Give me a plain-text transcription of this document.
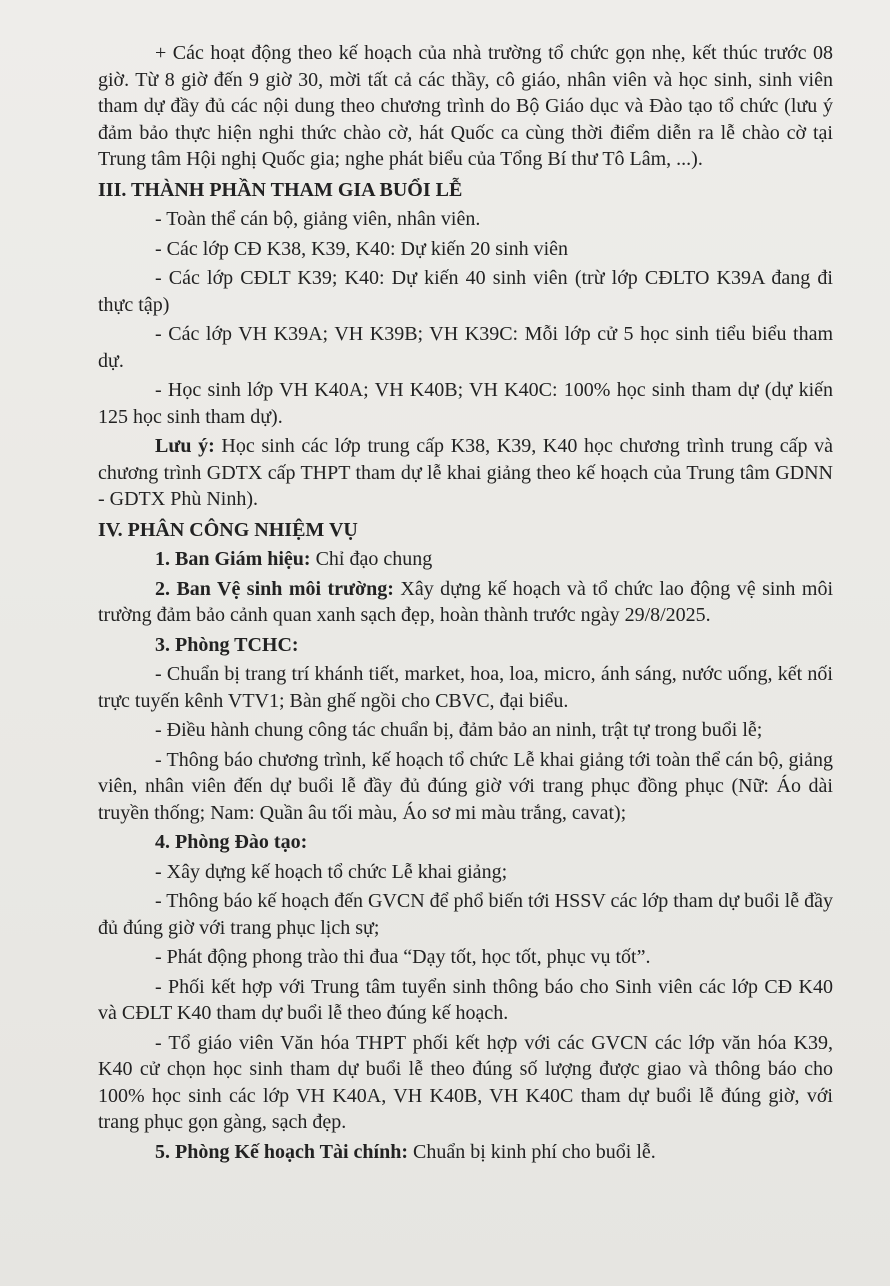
+ Các hoạt động theo kế hoạch của nhà trường tổ chức gọn nhẹ, kết thúc trước 08 giờ. Từ 8 giờ đến 9 giờ 30, mời tất cả các thầy, cô giáo, nhân viên và học sinh, sinh viên tham dự đầy đủ các nội dung theo chương trình do Bộ Giáo dục và Đào tạo tổ chức (lưu ý đảm bảo thực hiện nghi thức chào cờ, hát Quốc ca cùng thời điểm diễn ra lễ chào cờ tại Trung tâm Hội nghị Quốc gia; nghe phát biểu của Tổng Bí thư Tô Lâm, ...).

III. THÀNH PHẦN THAM GIA BUỔI LỄ

- Toàn thể cán bộ, giảng viên, nhân viên.

- Các lớp CĐ K38, K39, K40: Dự kiến 20 sinh viên

- Các lớp CĐLT K39; K40: Dự kiến 40 sinh viên (trừ lớp CĐLTO K39A đang đi thực tập)

- Các lớp VH K39A; VH K39B; VH K39C: Mỗi lớp cử 5 học sinh tiểu biểu tham dự.

- Học sinh lớp VH K40A; VH K40B; VH K40C: 100% học sinh tham dự (dự kiến 125 học sinh tham dự).

Lưu ý: Học sinh các lớp trung cấp K38, K39, K40 học chương trình trung cấp và chương trình GDTX cấp THPT tham dự lễ khai giảng theo kế hoạch của Trung tâm GDNN - GDTX Phù Ninh).

IV. PHÂN CÔNG NHIỆM VỤ

1. Ban Giám hiệu: Chỉ đạo chung

2. Ban Vệ sinh môi trường: Xây dựng kế hoạch và tổ chức lao động vệ sinh môi trường đảm bảo cảnh quan xanh sạch đẹp, hoàn thành trước ngày 29/8/2025.

3. Phòng TCHC:

- Chuẩn bị trang trí khánh tiết, market, hoa, loa, micro, ánh sáng, nước uống, kết nối trực tuyến kênh VTV1; Bàn ghế ngồi cho CBVC, đại biểu.

- Điều hành chung công tác chuẩn bị, đảm bảo an ninh, trật tự trong buổi lễ;

- Thông báo chương trình, kế hoạch tổ chức Lễ khai giảng tới toàn thể cán bộ, giảng viên, nhân viên đến dự buổi lễ đầy đủ đúng giờ với trang phục đồng phục (Nữ: Áo dài truyền thống; Nam: Quần âu tối màu, Áo sơ mi màu trắng, cavat);

4. Phòng Đào tạo:

- Xây dựng kế hoạch tổ chức Lễ khai giảng;

- Thông báo kế hoạch đến GVCN để phổ biến tới HSSV các lớp tham dự buổi lễ đầy đủ đúng giờ với trang phục lịch sự;

- Phát động phong trào thi đua “Dạy tốt, học tốt, phục vụ tốt”.

- Phối kết hợp với Trung tâm tuyển sinh thông báo cho Sinh viên các lớp CĐ K40 và CĐLT K40 tham dự buổi lễ theo đúng kế hoạch.

- Tổ giáo viên Văn hóa THPT phối kết hợp với các GVCN các lớp văn hóa K39, K40 cử chọn học sinh tham dự buổi lễ theo đúng số lượng được giao và thông báo cho 100% học sinh các lớp VH K40A, VH K40B, VH K40C tham dự buổi lễ đúng giờ, với trang phục gọn gàng, sạch đẹp.

5. Phòng Kế hoạch Tài chính: Chuẩn bị kinh phí cho buổi lễ.
